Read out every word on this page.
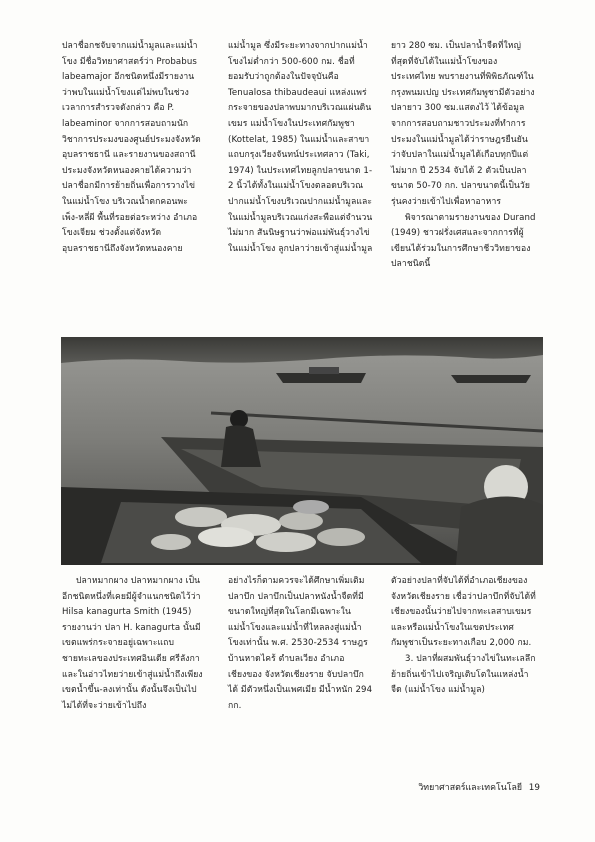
ปลาชื่อกชจับจากแม่น้ำมูลและแม่น้ำโขง มีชื่อวิทยาศาสตร์ว่า Probabus labeamajor อีกชนิดหนึ่งมีรายงานว่าพบในแม่น้ำโขงแต่ไม่พบในช่วงเวลาการสำรวจดังกล่าว คือ P. labeaminor จากการสอบถามนักวิชาการประมงของศูนย์ประมงจังหวัดอุบลราชธานี และรายงานของสถานีประมงจังหวัดหนองคายได้ความว่าปลาชื่อกมีการย้ายถิ่นเพื่อการวางไข่ในแม่น้ำโขง บริเวณน้ำตกคอนพะเพ็ง-หลี่ผี พื้นที่รอยต่อระหว่าง อำเภอโขงเจียม ช่วงตั้งแต่จังหวัดอุบลราชธานีถึงจังหวัดหนองคาย

แม่น้ำมูล ซึ่งมีระยะทางจากปากแม่น้ำโขงไม่ต่ำกว่า 500-600 กม. ชื่อที่ยอมรับว่าถูกต้องในปัจจุบันคือ Tenualosa thibaudeaui แหล่งแพร่กระจายของปลาพบมากบริเวณแผ่นดินเขมร แม่น้ำโขงในประเทศกัมพูชา (Kottelat, 1985) ในแม่น้ำและสาขาแถบกรุงเวียงจันทน์ประเทศลาว (Taki, 1974) ในประเทศไทยลูกปลาขนาด 1-2 นิ้วได้ทั้งในแม่น้ำโขงตลอดบริเวณปากแม่น้ำโขงบริเวณปากแม่น้ำมูลและในแม่น้ำมูลบริเวณแก่งสะพือแต่จำนวนไม่มาก สันนิษฐานว่าพ่อแม่พันธุ์วางไข่ในแม่น้ำโขง ลูกปลาว่ายเข้าสู่แม่น้ำมูล

ยาว 280 ซม. เป็นปลาน้ำจืดที่ใหญ่ที่สุดที่จับได้ในแม่น้ำโขงของประเทศไทย พบรายงานที่พิพิธภัณฑ์ในกรุงพนมเปญ ประเทศกัมพูชามีตัวอย่างปลายาว 300 ซม.แสดงไว้ ได้ข้อมูลจากการสอบถามชาวประมงที่ทำการประมงในแม่น้ำมูลได้ว่าราษฎรยืนยันว่าจับปลาในแม่น้ำมูลได้เกือบทุกปีแต่ไม่มาก ปี 2534 จับได้ 2 ตัวเป็นปลาขนาด 50-70 กก. ปลาขนาดนี้เป็นวัยรุ่นคงว่ายเข้าไปเพื่อหาอาหาร

พิจารณาตามรายงานของ Durand (1949) ชาวฝรั่งเศสและจากการที่ผู้เขียนได้ร่วมในการศึกษาชีววิทยาของปลาชนิดนี้

ปลาหมากผาง ปลาหมากผาง เป็นอีกชนิดหนึ่งที่เคยมีผู้จำแนกชนิดไว้ว่า Hilsa kanagurta Smith (1945) รายงานว่า ปลา H. kanagurta นั้นมีเขตแพร่กระจายอยู่เฉพาะแถบชายทะเลของประเทศอินเดีย ศรีลังกาและในอ่าวไทยว่ายเข้าสู่แม่น้ำถึงเพียงเขตน้ำขึ้น-ลงเท่านั้น ดังนั้นจึงเป็นไปไม่ได้ที่จะว่ายเข้าไปถึง

อย่างไรก็ตามควรจะได้ศึกษาเพิ่มเติม ปลาบึก ปลาบึกเป็นปลาหนังน้ำจืดที่มีขนาดใหญ่ที่สุดในโลกมีเฉพาะในแม่น้ำโขงและแม่น้ำที่ไหลลงสู่แม่น้ำโขงเท่านั้น พ.ศ. 2530-2534 ราษฎรบ้านหาดไคร้ ตำบลเวียง อำเภอเชียงของ จังหวัดเชียงราย จับปลาบึกได้ มีตัวหนึ่งเป็นเพศเมีย มีน้ำหนัก 294 กก.

ตัวอย่างปลาที่จับได้ที่อำเภอเชียงของ จังหวัดเชียงราย เชื่อว่าปลาบึกที่จับได้ที่เชียงของนั้นว่ายไปจากทะเลสาบเขมร และหรือแม่น้ำโขงในเขตประเทศกัมพูชาเป็นระยะทางเกือบ 2,000 กม.

3. ปลาที่ผสมพันธุ์วางไข่ในทะเลลึก ย้ายถิ่นเข้าไปเจริญเติบโตในแหล่งน้ำจืด (แม่น้ำโขง แม่น้ำมูล)

วิทยาศาสตร์และเทคโนโลยี 19
